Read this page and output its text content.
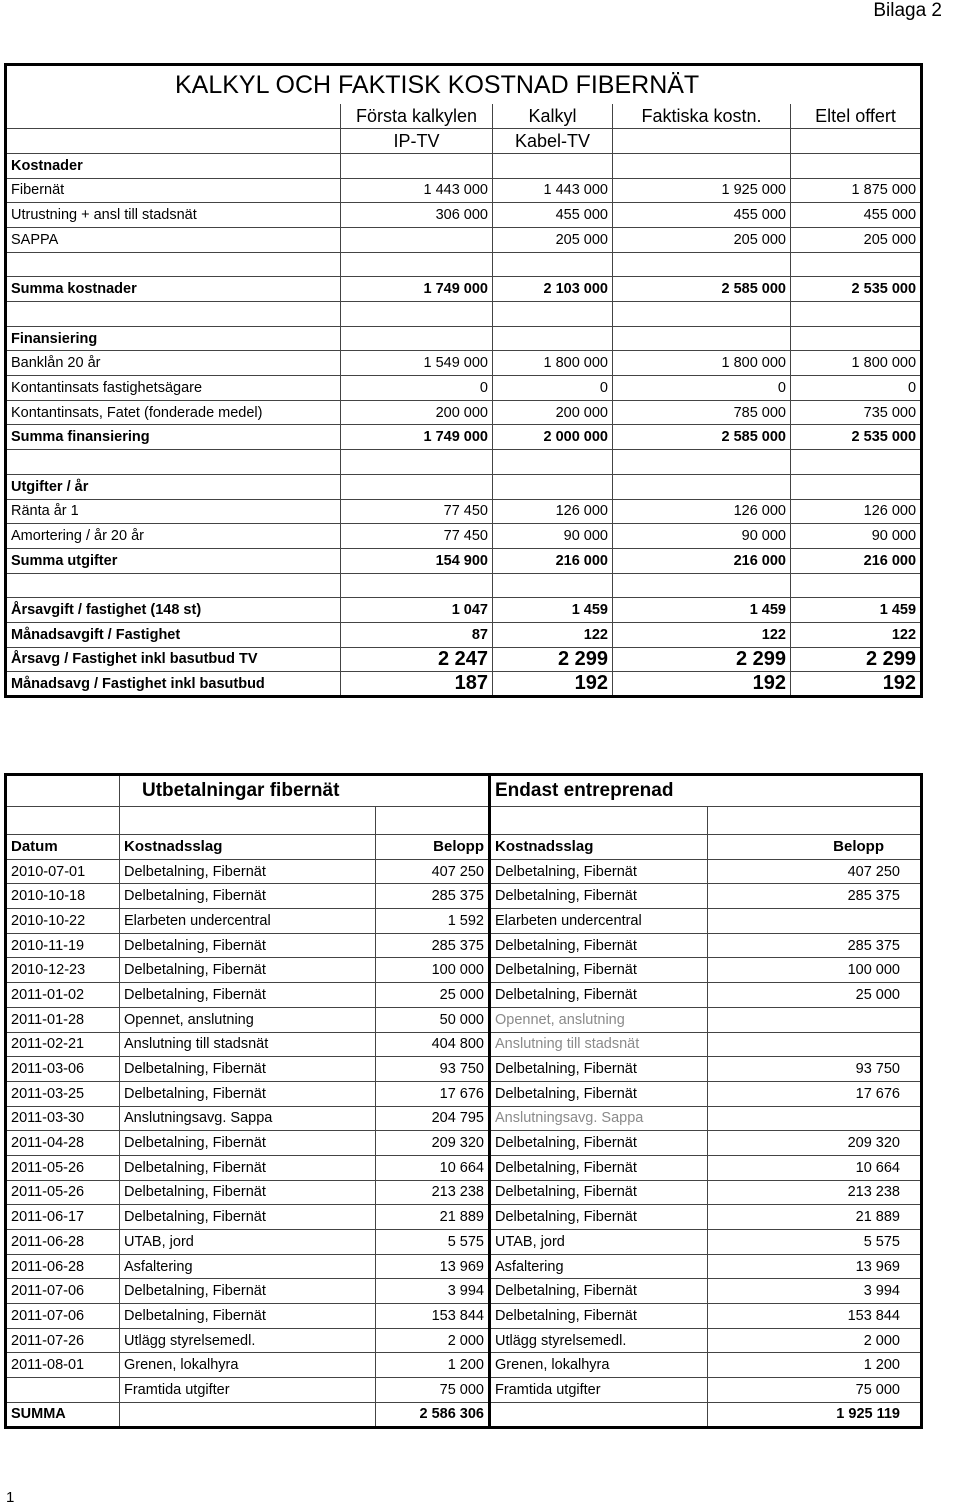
Bilaga 2
KALKYL OCH FAKTISK KOSTNAD FIBERNÄT				
	Första kalkylen	Kalkyl	Faktiska kostn.	Eltel offert
	IP-TV	Kabel-TV		
Kostnader				
Fibernät	1 443 000	1 443 000	1 925 000	1 875 000
Utrustning + ansl till stadsnät	306 000	455 000	455 000	455 000
SAPPA		205 000	205 000	205 000

Summa kostnader	1 749 000	2 103 000	2 585 000	2 535 000

Finansiering				
Banklån 20 år	1 549 000	1 800 000	1 800 000	1 800 000
Kontantinsats fastighetsägare	0	0	0	0
Kontantinsats, Fatet (fonderade medel)	200 000	200 000	785 000	735 000
Summa finansiering	1 749 000	2 000 000	2 585 000	2 535 000

Utgifter / år				
Ränta år 1	77 450	126 000	126 000	126 000
Amortering / år 20 år	77 450	90 000	90 000	90 000
Summa utgifter	154 900	216 000	216 000	216 000

Årsavgift / fastighet (148 st)	1 047	1 459	1 459	1 459
Månadsavgift / Fastighet	87	122	122	122
Årsavg / Fastighet inkl basutbud TV	2 247	2 299	2 299	2 299
Månadsavg / Fastighet inkl basutbud	187	192	192	192
	Utbetalningar fibernät		Endast entreprenad	

Datum	Kostnadsslag	Belopp	Kostnadsslag	Belopp
2010-07-01	Delbetalning, Fibernät	407 250	Delbetalning, Fibernät	407 250
2010-10-18	Delbetalning, Fibernät	285 375	Delbetalning, Fibernät	285 375
2010-10-22	Elarbeten undercentral	1 592	Elarbeten undercentral	
2010-11-19	Delbetalning, Fibernät	285 375	Delbetalning, Fibernät	285 375
2010-12-23	Delbetalning, Fibernät	100 000	Delbetalning, Fibernät	100 000
2011-01-02	Delbetalning, Fibernät	25 000	Delbetalning, Fibernät	25 000
2011-01-28	Opennet, anslutning	50 000	Opennet, anslutning	
2011-02-21	Anslutning till stadsnät	404 800	Anslutning till stadsnät	
2011-03-06	Delbetalning, Fibernät	93 750	Delbetalning, Fibernät	93 750
2011-03-25	Delbetalning, Fibernät	17 676	Delbetalning, Fibernät	17 676
2011-03-30	Anslutningsavg. Sappa	204 795	Anslutningsavg. Sappa	
2011-04-28	Delbetalning, Fibernät	209 320	Delbetalning, Fibernät	209 320
2011-05-26	Delbetalning, Fibernät	10 664	Delbetalning, Fibernät	10 664
2011-05-26	Delbetalning, Fibernät	213 238	Delbetalning, Fibernät	213 238
2011-06-17	Delbetalning, Fibernät	21 889	Delbetalning, Fibernät	21 889
2011-06-28	UTAB, jord	5 575	UTAB, jord	5 575
2011-06-28	Asfaltering	13 969	Asfaltering	13 969
2011-07-06	Delbetalning, Fibernät	3 994	Delbetalning, Fibernät	3 994
2011-07-06	Delbetalning, Fibernät	153 844	Delbetalning, Fibernät	153 844
2011-07-26	Utlägg styrelsemedl.	2 000	Utlägg styrelsemedl.	2 000
2011-08-01	Grenen, lokalhyra	1 200	Grenen, lokalhyra	1 200
	Framtida utgifter	75 000	Framtida utgifter	75 000
SUMMA		2 586 306		1 925 119
1
